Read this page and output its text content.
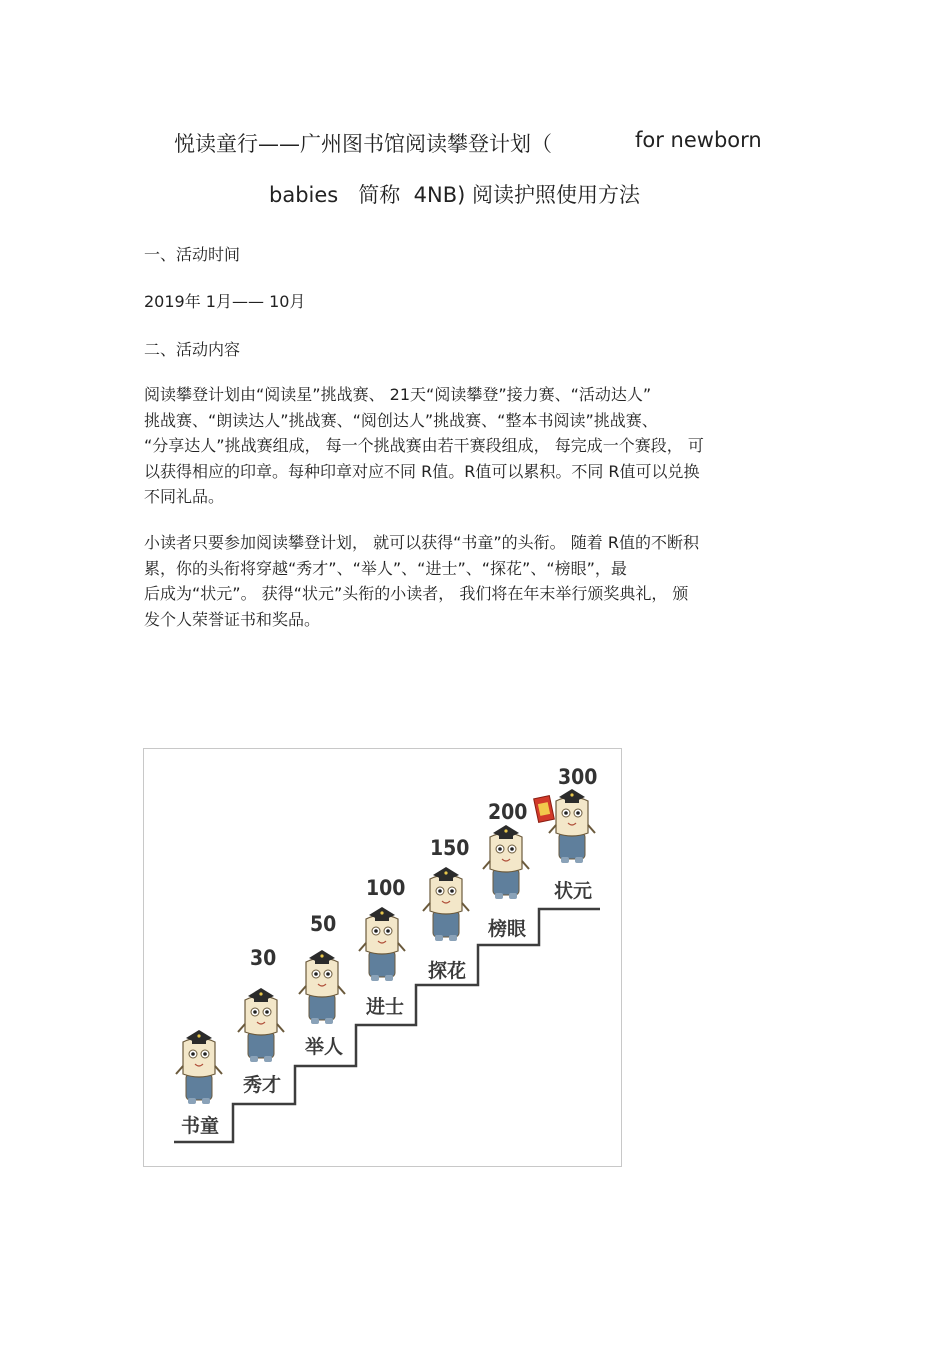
悦读童行——广州图书馆阅读攀登计划（	for newborn
babies 简称 4NB) 阅读护照使用方法
一、活动时间
2019年 1月—— 10月
二、活动内容
阅读攀登计划由“阅读星”挑战赛、 21天“阅读攀登”接力赛、“活动达人”
挑战赛、“朗读达人”挑战赛、“阅创达人”挑战赛、“整本书阅读”挑战赛、
“分享达人”挑战赛组成， 每一个挑战赛由若干赛段组成， 每完成一个赛段， 可
以获得相应的印章。每种印章对应不同 R值。R值可以累积。不同 R值可以兑换
不同礼品。
小读者只要参加阅读攀登计划， 就可以获得“书童”的头衔。 随着 R值的不断积
累，你的头衔将穿越“秀才”、“举人”、“进士”、“探花”、“榜眼”，最
后成为“状元”。 获得“状元”头衔的小读者， 我们将在年末举行颁奖典礼， 颁
发个人荣誉证书和奖品。
书童
秀才
30
举人
50
进士
100
探花
150
榜眼
200
状元
300
